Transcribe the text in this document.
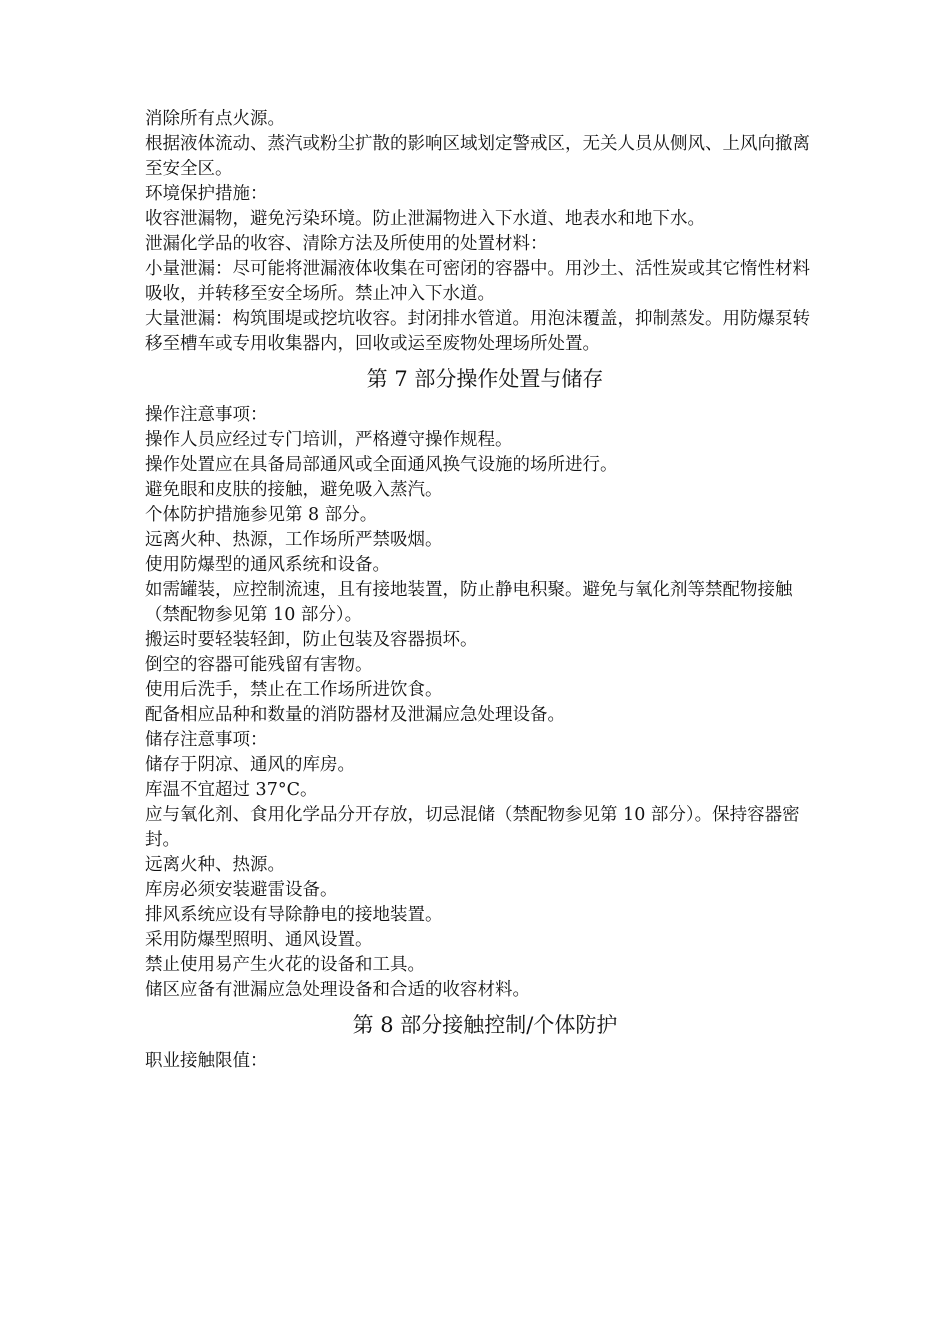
消除所有点火源。

根据液体流动、蒸汽或粉尘扩散的影响区域划定警戒区，无关人员从侧风、上风向撤离至安全区。

环境保护措施：

收容泄漏物，避免污染环境。防止泄漏物进入下水道、地表水和地下水。

泄漏化学品的收容、清除方法及所使用的处置材料：

小量泄漏：尽可能将泄漏液体收集在可密闭的容器中。用沙土、活性炭或其它惰性材料吸收，并转移至安全场所。禁止冲入下水道。

大量泄漏：构筑围堤或挖坑收容。封闭排水管道。用泡沫覆盖，抑制蒸发。用防爆泵转移至槽车或专用收集器内，回收或运至废物处理场所处置。

第 7 部分操作处置与储存

操作注意事项：

操作人员应经过专门培训，严格遵守操作规程。

操作处置应在具备局部通风或全面通风换气设施的场所进行。

避免眼和皮肤的接触，避免吸入蒸汽。

个体防护措施参见第 8 部分。

远离火种、热源，工作场所严禁吸烟。

使用防爆型的通风系统和设备。

如需罐装，应控制流速，且有接地装置，防止静电积聚。避免与氧化剂等禁配物接触（禁配物参见第 10 部分）。

搬运时要轻装轻卸，防止包装及容器损坏。

倒空的容器可能残留有害物。

使用后洗手，禁止在工作场所进饮食。

配备相应品种和数量的消防器材及泄漏应急处理设备。

储存注意事项：

储存于阴凉、通风的库房。

库温不宜超过 37°C。

应与氧化剂、食用化学品分开存放，切忌混储（禁配物参见第 10 部分）。保持容器密封。

远离火种、热源。

库房必须安装避雷设备。

排风系统应设有导除静电的接地装置。

采用防爆型照明、通风设置。

禁止使用易产生火花的设备和工具。

储区应备有泄漏应急处理设备和合适的收容材料。

第 8 部分接触控制/个体防护

职业接触限值：
